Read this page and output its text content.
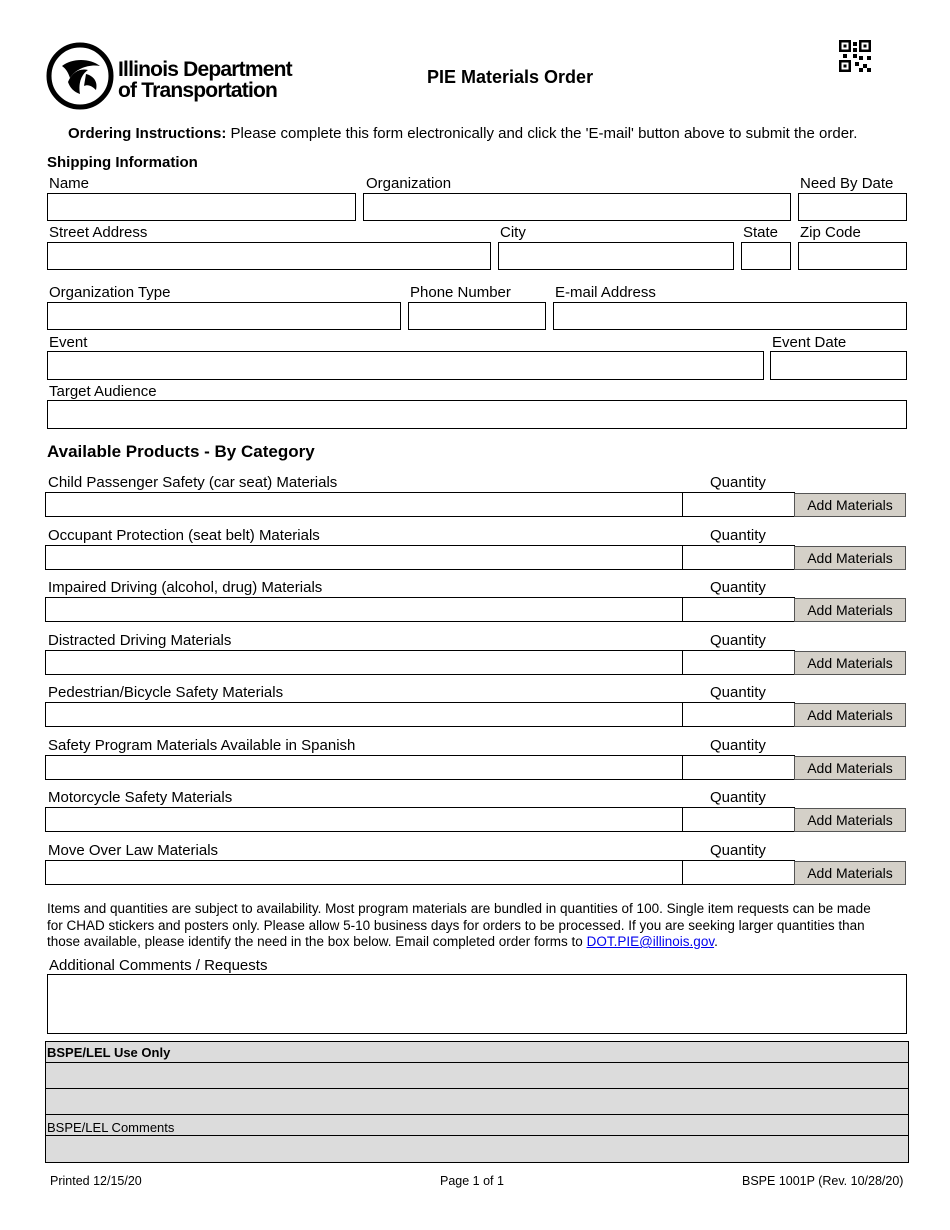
Illinois Department
of Transportation
PIE Materials Order
Ordering Instructions: Please complete this form electronically and click the 'E-mail' button above to submit the order.
Shipping Information
Name	Organization	Need By Date
Street Address	City	State Zip Code
Organization Type	Phone Number	E-mail Address
Event	Event Date
Target Audience
Available Products - By Category
Child Passenger Safety (car seat) Materials	Quantity
Add Materials
Occupant Protection (seat belt) Materials	Quantity
Add Materials
Impaired Driving (alcohol, drug) Materials	Quantity
Add Materials
Distracted Driving Materials	Quantity
Add Materials
Pedestrian/Bicycle Safety Materials	Quantity
Add Materials
Safety Program Materials Available in Spanish	Quantity
Add Materials
Motorcycle Safety Materials	Quantity
Add Materials
Move Over Law Materials	Quantity
Add Materials
Items and quantities are subject to availability. Most program materials are bundled in quantities of 100. Single item requests can be made
for CHAD stickers and posters only. Please allow 5-10 business days for orders to be processed. If you are seeking larger quantities than
those available, please identify the need in the box below. Email completed order forms to DOT.PIE@illinois.gov.
Additional Comments / Requests
BSPE/LEL Use Only
BSPE/LEL Comments
Printed 12/15/20	Page 1 of 1	BSPE 1001P (Rev. 10/28/20)
